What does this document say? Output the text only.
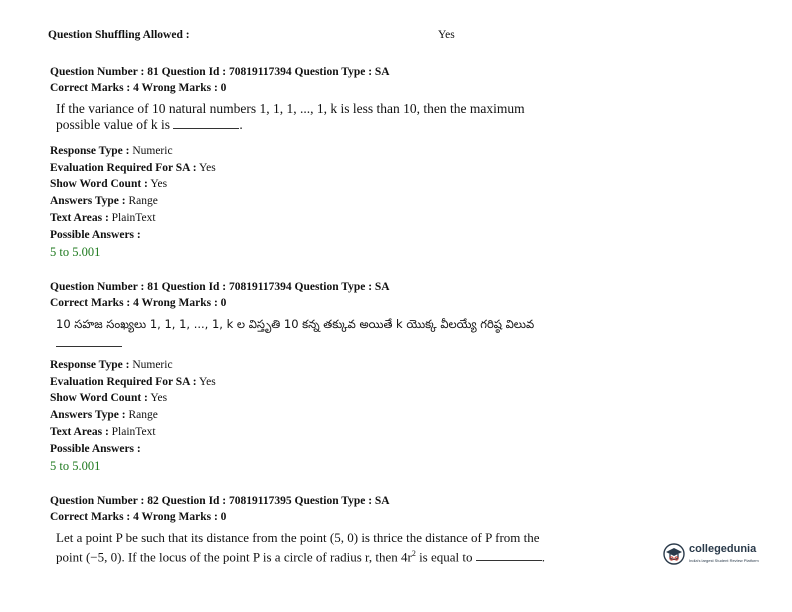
Question Shuffling Allowed :	Yes
Question Number : 81 Question Id : 70819117394 Question Type : SA
Correct Marks : 4 Wrong Marks : 0
If the variance of 10 natural numbers 1, 1, 1, ..., 1, k is less than 10, then the maximum
possible value of k is	.
Response Type : Numeric
Evaluation Required For SA : Yes
Show Word Count : Yes
Answers Type : Range
Text Areas : PlainText
Possible Answers :
5 to 5.001
Question Number : 81 Question Id : 70819117394 Question Type : SA
Correct Marks : 4 Wrong Marks : 0
10 సహజ సంఖ్యలు 1, 1, 1, ..., 1, k ల విస్తృతి 10 కన్న తక్కువ అయితే k యొక్క వీలయ్యే గరిష్ఠ విలువ
Response Type : Numeric
Evaluation Required For SA : Yes
Show Word Count : Yes
Answers Type : Range
Text Areas : PlainText
Possible Answers :
5 to 5.001
Question Number : 82 Question Id : 70819117395 Question Type : SA
Correct Marks : 4 Wrong Marks : 0
Let a point P be such that its distance from the point (5, 0) is thrice the distance of P from the
point (−5, 0). If the locus of the point P is a circle of radius r, then $4r^2$ is equal to	.
collegedunia
India's largest Student Review Platform
